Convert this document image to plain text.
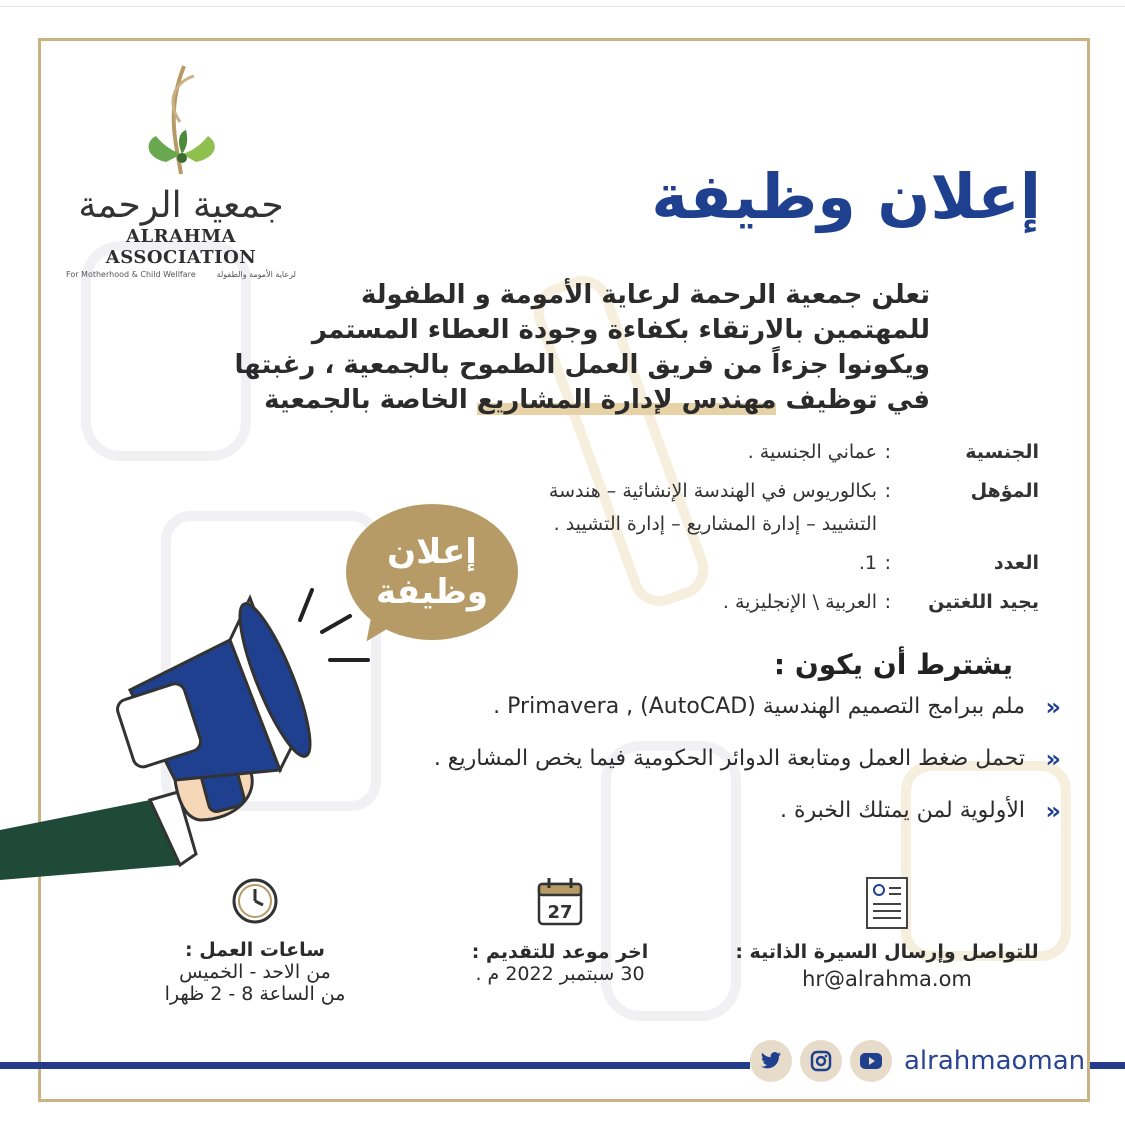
جمعية الرحمة
ALRAHMA ASSOCIATION
For Motherhood & Child Wellfare	لرعاية الأمومة والطفولة
إعلان وظيفة
تعلن جمعية الرحمة لرعاية الأمومة و الطفولة
للمهتمين بالارتقاء بكفاءة وجودة العطاء المستمر
ويكونوا جزءاً من فريق العمل الطموح بالجمعية ، رغبتها
في توظيف مهندس لإدارة المشاريع الخاصة بالجمعية
الجنسية
:
عماني الجنسية .
المؤهل
:
بكالوريوس في الهندسة الإنشائية – هندسة التشييد – إدارة المشاريع – إدارة التشييد .
العدد
:
1.
يجيد اللغتين
:
العربية \ الإنجليزية .
إعلان
وظيفة
يشترط أن يكون :
«
ملم ببرامج التصميم الهندسية (AutoCAD) , Primavera .
«
تحمل ضغط العمل ومتابعة الدوائر الحكومية فيما يخص المشاريع .
«
الأولوية لمن يمتلك الخبرة .
للتواصل وإرسال السيرة الذاتية :
hr@alrahma.om
27
اخر موعد للتقديم :
30 سبتمبر 2022 م .
ساعات العمل :
من الاحد - الخميس
من الساعة 8 - 2 ظهرا
alrahmaoman
